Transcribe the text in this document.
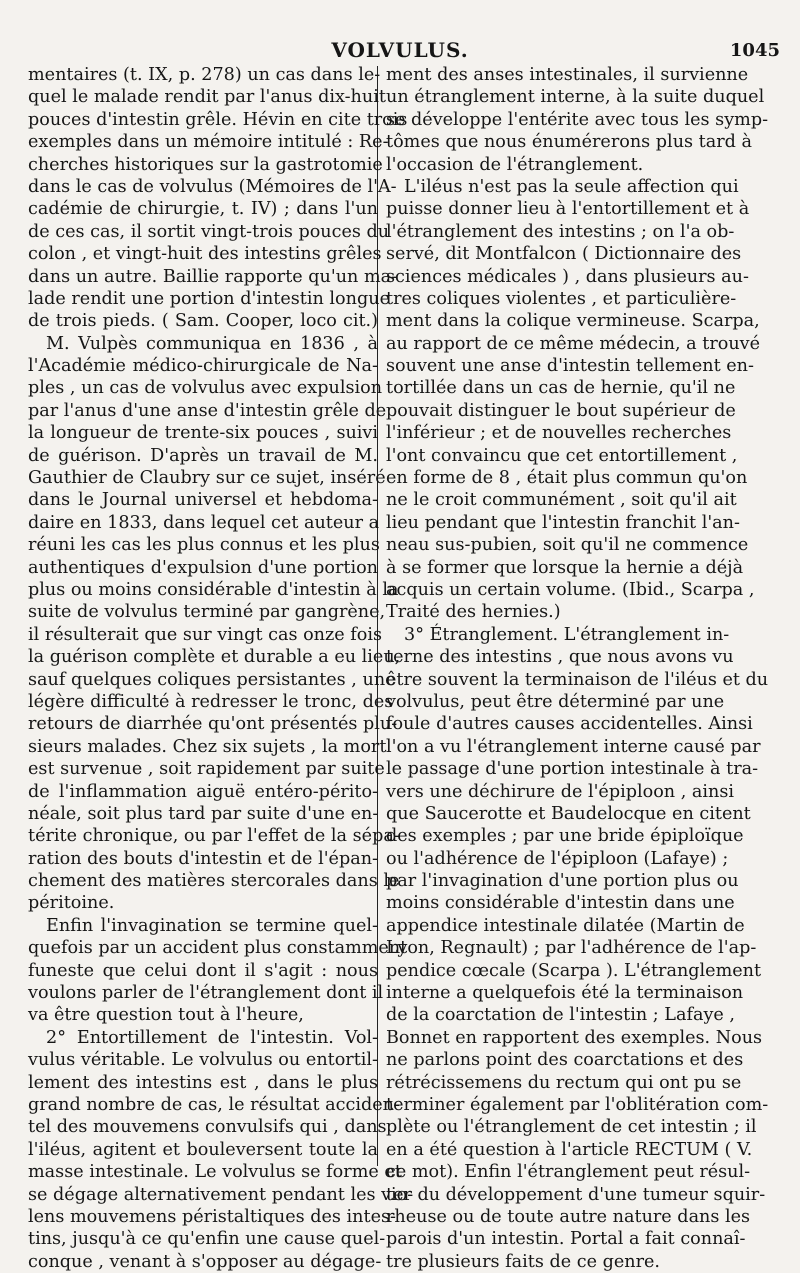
VOLVULUS.	1045
mentaires (t. IX, p. 278) un cas dans le-
quel le malade rendit par l'anus dix-huit
pouces d'intestin grêle. Hévin en cite trois
exemples dans un mémoire intitulé : Re-
cherches historiques sur la gastrotomie
dans le cas de volvulus (Mémoires de l'A-
cadémie de chirurgie, t. IV) ; dans l'un
de ces cas, il sortit vingt-trois pouces du
colon , et vingt-huit des intestins grêles
dans un autre. Baillie rapporte qu'un ma-
lade rendit une portion d'intestin longue
de trois pieds. ( Sam. Cooper, loco cit.)
M. Vulpès communiqua en 1836 , à
l'Académie médico-chirurgicale de Na-
ples , un cas de volvulus avec expulsion
par l'anus d'une anse d'intestin grêle de
la longueur de trente-six pouces , suivi
de guérison. D'après un travail de M.
Gauthier de Claubry sur ce sujet, inséré
dans le Journal universel et hebdoma-
daire en 1833, dans lequel cet auteur a
réuni les cas les plus connus et les plus
authentiques d'expulsion d'une portion
plus ou moins considérable d'intestin à la
suite de volvulus terminé par gangrène,
il résulterait que sur vingt cas onze fois
la guérison complète et durable a eu lieu,
sauf quelques coliques persistantes , une
légère difficulté à redresser le tronc, des
retours de diarrhée qu'ont présentés plu-
sieurs malades. Chez six sujets , la mort
est survenue , soit rapidement par suite
de l'inflammation aiguë entéro-périto-
néale, soit plus tard par suite d'une en-
térite chronique, ou par l'effet de la sépa-
ration des bouts d'intestin et de l'épan-
chement des matières stercorales dans le
péritoine.
Enfin l'invagination se termine quel-
quefois par un accident plus constamment
funeste que celui dont il s'agit : nous
voulons parler de l'étranglement dont il
va être question tout à l'heure,
2° Entortillement de l'intestin. Vol-
vulus véritable. Le volvulus ou entortil-
lement des intestins est , dans le plus
grand nombre de cas, le résultat acciden-
tel des mouvemens convulsifs qui , dans
l'iléus, agitent et bouleversent toute la
masse intestinale. Le volvulus se forme et
se dégage alternativement pendant les vio-
lens mouvemens péristaltiques des intes-
tins, jusqu'à ce qu'enfin une cause quel-
conque , venant à s'opposer au dégage-
ment des anses intestinales, il survienne
un étranglement interne, à la suite duquel
se développe l'entérite avec tous les symp-
tômes que nous énumérerons plus tard à
l'occasion de l'étranglement.
L'iléus n'est pas la seule affection qui
puisse donner lieu à l'entortillement et à
l'étranglement des intestins ; on l'a ob-
servé, dit Montfalcon ( Dictionnaire des
sciences médicales ) , dans plusieurs au-
tres coliques violentes , et particulière-
ment dans la colique vermineuse. Scarpa,
au rapport de ce même médecin, a trouvé
souvent une anse d'intestin tellement en-
tortillée dans un cas de hernie, qu'il ne
pouvait distinguer le bout supérieur de
l'inférieur ; et de nouvelles recherches
l'ont convaincu que cet entortillement ,
en forme de 8 , était plus commun qu'on
ne le croit communément , soit qu'il ait
lieu pendant que l'intestin franchit l'an-
neau sus-pubien, soit qu'il ne commence
à se former que lorsque la hernie a déjà
acquis un certain volume. (Ibid., Scarpa ,
Traité des hernies.)
3° Étranglement. L'étranglement in-
terne des intestins , que nous avons vu
être souvent la terminaison de l'iléus et du
volvulus, peut être déterminé par une
foule d'autres causes accidentelles. Ainsi
l'on a vu l'étranglement interne causé par
le passage d'une portion intestinale à tra-
vers une déchirure de l'épiploon , ainsi
que Saucerotte et Baudelocque en citent
des exemples ; par une bride épiploïque
ou l'adhérence de l'épiploon (Lafaye) ;
par l'invagination d'une portion plus ou
moins considérable d'intestin dans une
appendice intestinale dilatée (Martin de
Lyon, Regnault) ; par l'adhérence de l'ap-
pendice cœcale (Scarpa ). L'étranglement
interne a quelquefois été la terminaison
de la coarctation de l'intestin ; Lafaye ,
Bonnet en rapportent des exemples. Nous
ne parlons point des coarctations et des
rétrécissemens du rectum qui ont pu se
terminer également par l'oblitération com-
plète ou l'étranglement de cet intestin ; il
en a été question à l'article RECTUM ( V.
ce mot). Enfin l'étranglement peut résul-
ter du développement d'une tumeur squir-
rheuse ou de toute autre nature dans les
parois d'un intestin. Portal a fait connaî-
tre plusieurs faits de ce genre.
